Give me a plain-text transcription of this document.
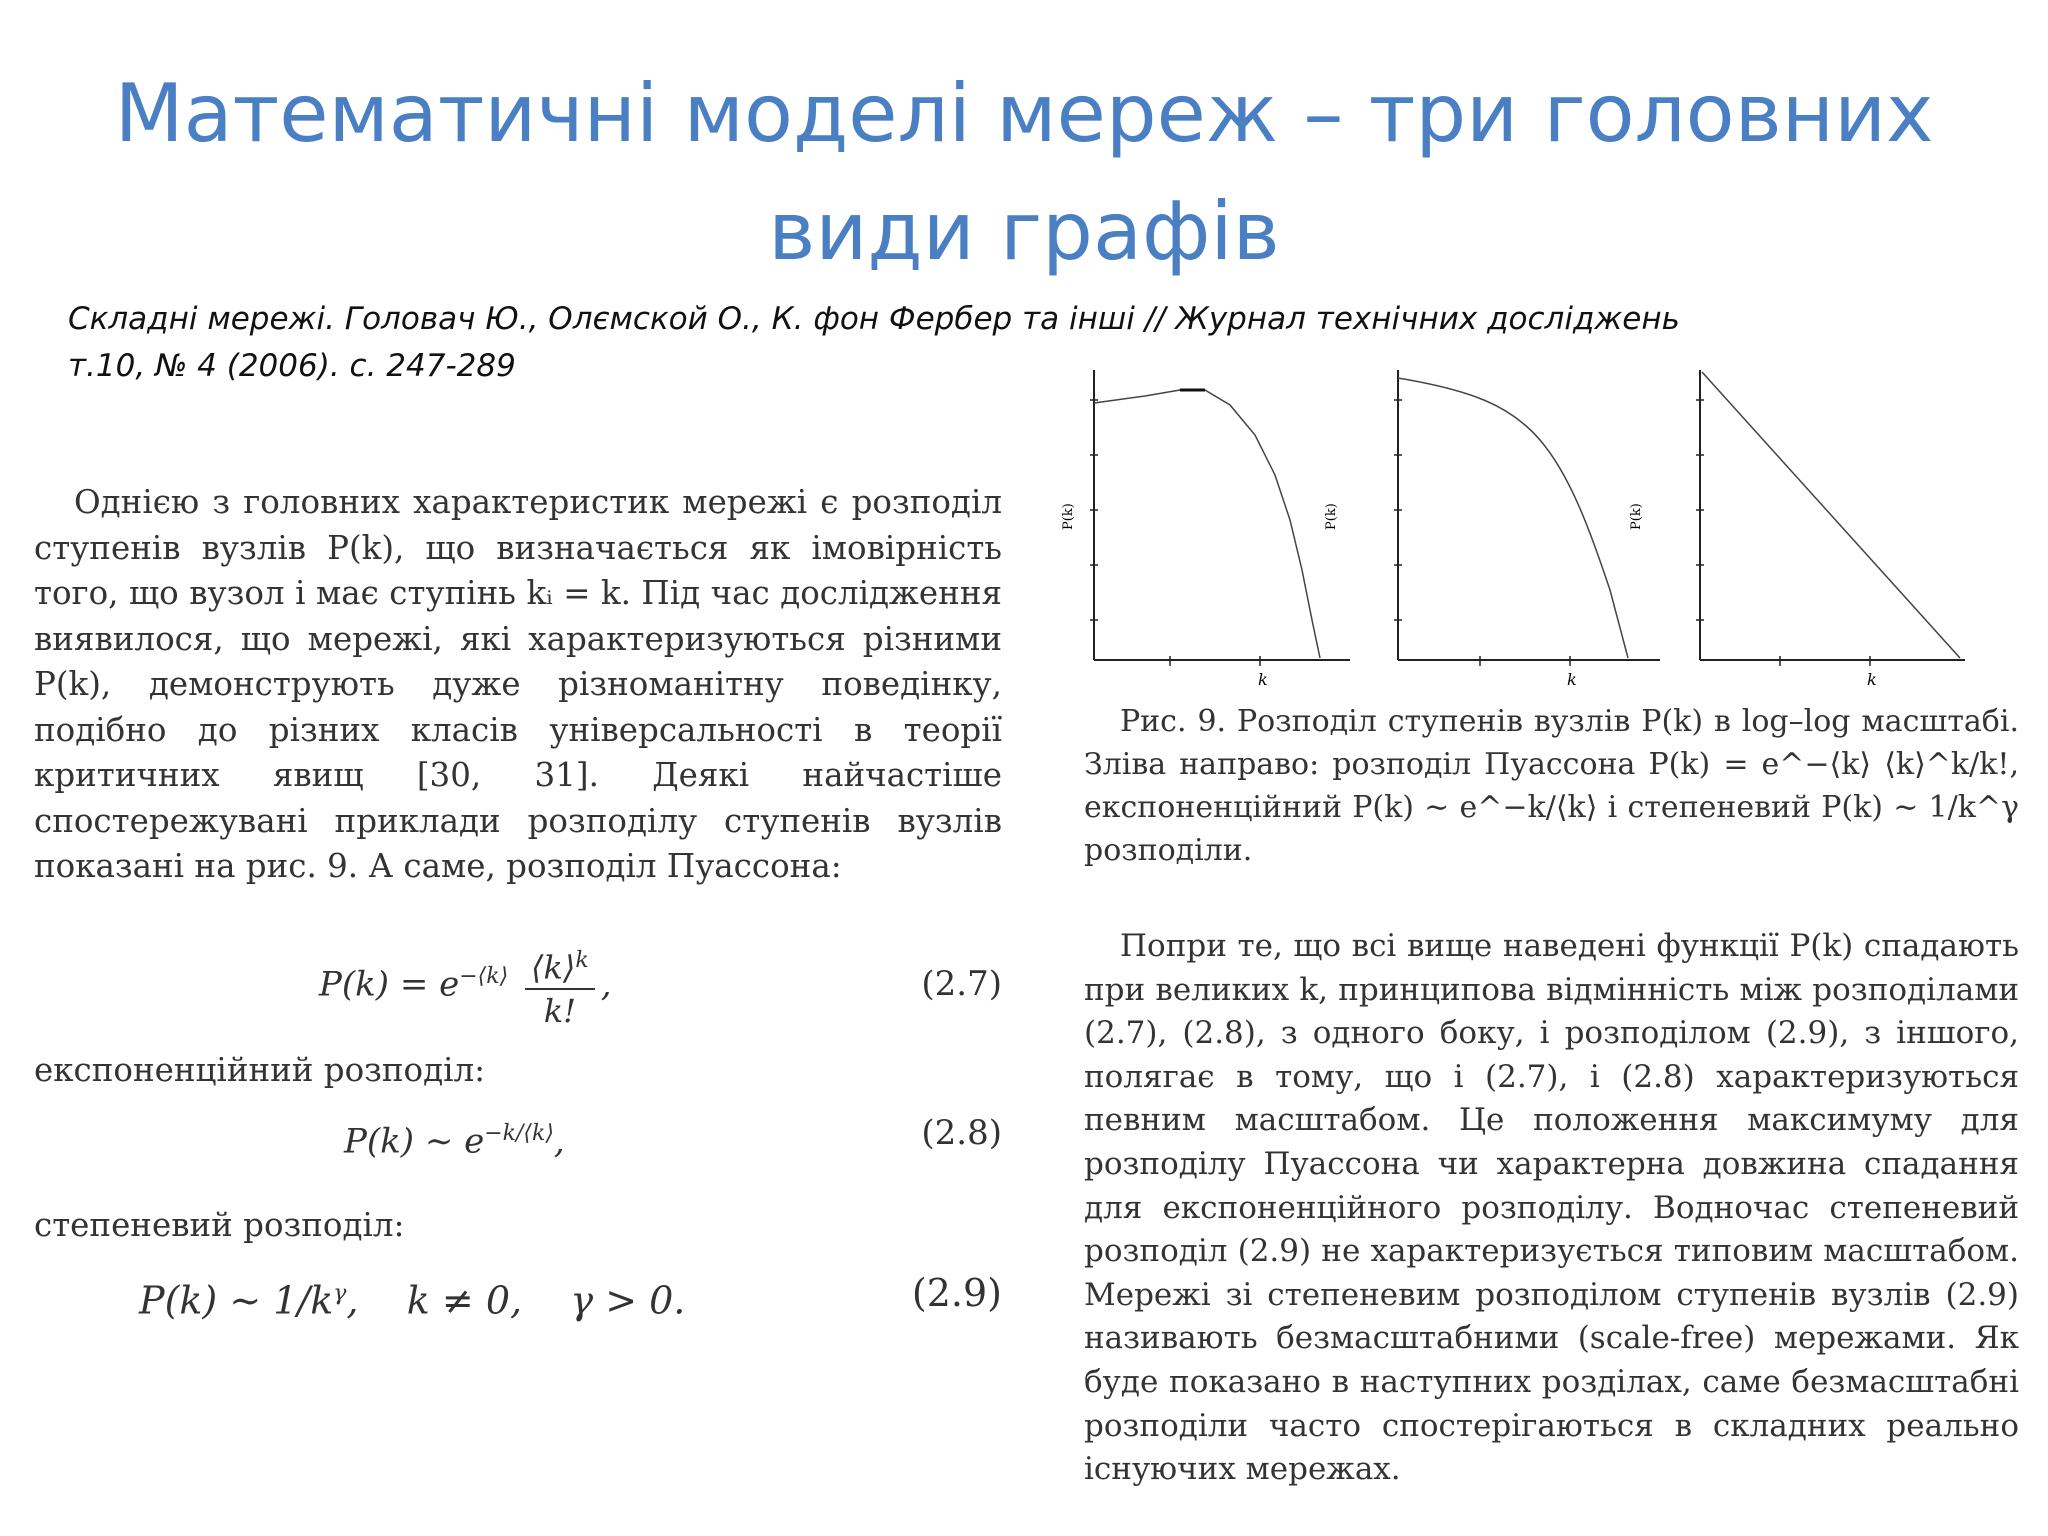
Математичні моделі мереж – три головних
види графів
Складні мережі. Головач Ю., Олємской О., К. фон Фербер та інші // Журнал технічних досліджень
т.10, № 4 (2006). с. 247-289

Однією з головних характеристик мережі є розподіл ступенів вузлів P(k), що визначається як імовірність того, що вузол i має ступінь kᵢ = k. Під час дослідження виявилося, що мережі, які характеризуються різними P(k), демонструють дуже різноманітну поведінку, подібно до різних класів універсальності в теорії критичних явищ [30, 31]. Деякі найчастіше спостережувані приклади розподілу ступенів вузлів показані на рис. 9. А саме, розподіл Пуассона:

$P(k) = e^{-⟨k⟩} \frac{⟨k⟩^k}{k!}$ ,	(2.7)

експоненційний розподіл:

P(k) ∼ $e^{-k/⟨k⟩}$,	(2.8)

степеневий розподіл:

P(k) ∼ $1/k^\gamma$,    k ≠ 0,    γ > 0.	(2.9)
k
P(k)	P(k)
k
P(k)
k

Рис. 9. Розподіл ступенів вузлів P(k) в log–log масштабі. Зліва направо: розподіл Пуассона P(k) = e^−⟨k⟩ ⟨k⟩^k/k!, експоненційний P(k) ∼ e^−k/⟨k⟩ і степеневий P(k) ∼ 1/k^γ розподіли.

Попри те, що всі вище наведені функції P(k) спадають при великих k, принципова відмінність між розподілами (2.7), (2.8), з одного боку, і розподілом (2.9), з іншого, полягає в тому, що і (2.7), і (2.8) характеризуються певним масштабом. Це положення максимуму для розподілу Пуассона чи характерна довжина спадання для експоненційного розподілу. Водночас степеневий розподіл (2.9) не характеризується типовим масштабом. Мережі зі степеневим розподілом ступенів вузлів (2.9) називають безмасштабними (scale-free) мережами. Як буде показано в наступних розділах, саме безмасштабні розподіли часто спостерігаються в складних реально існуючих мережах.
